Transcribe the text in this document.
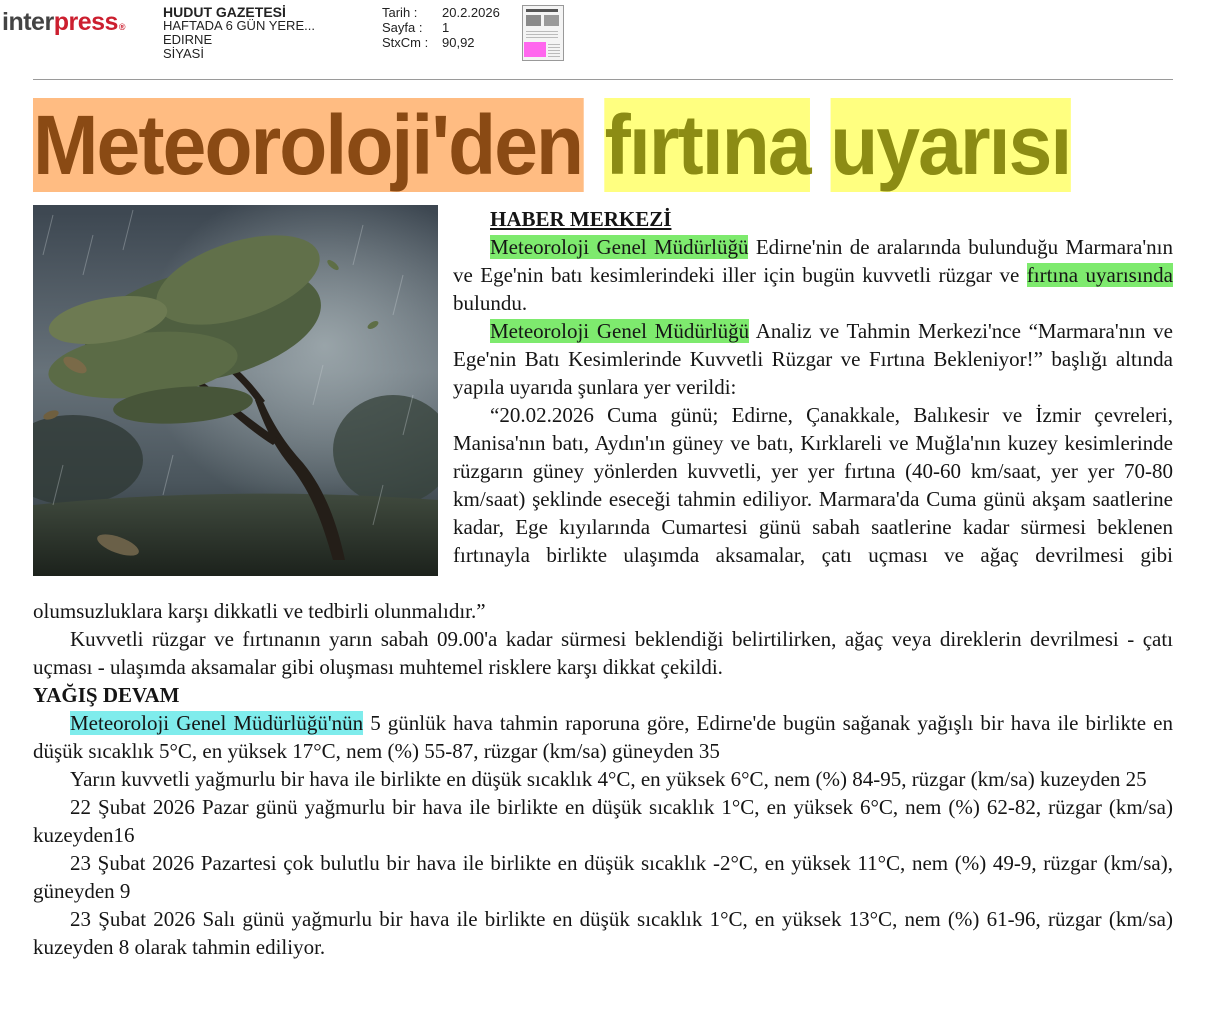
inter press ®
HUDUT GAZETESİ
HAFTADA 6 GÜN YERE...
EDIRNE
SİYASİ
Tarih :	20.2.2026
Sayfa :	1
StxCm :	90,92
Meteoroloji'den fırtına uyarısı

HABER MERKEZİ

Meteoroloji Genel Müdürlüğü Edirne'nin de aralarında bulunduğu Marmara'nın ve Ege'nin batı kesimlerindeki iller için bugün kuvvetli rüzgar ve fırtına uyarısında bulundu.

Meteoroloji Genel Müdürlüğü Analiz ve Tahmin Merkezi'nce “Marmara'nın ve Ege'nin Batı Kesimlerinde Kuvvetli Rüzgar ve Fırtına Bekleniyor!” başlığı altında yapıla uyarıda şunlara yer verildi:

“20.02.2026 Cuma günü; Edirne, Çanakkale, Balıkesir ve İzmir çevreleri, Manisa'nın batı, Aydın'ın güney ve batı, Kırklareli ve Muğla'nın kuzey kesimlerinde rüzgarın güney yönlerden kuvvetli, yer yer fırtına (40-60 km/saat, yer yer 70-80 km/saat) şeklinde eseceği tahmin ediliyor. Marmara'da Cuma günü akşam saatlerine kadar, Ege kıyılarında Cumartesi günü sabah saatlerine kadar sürmesi beklenen fırtınayla birlikte ulaşımda aksamalar, çatı uçması ve ağaç devrilmesi gibi

olumsuzluklara karşı dikkatli ve tedbirli olunmalıdır.”

Kuvvetli rüzgar ve fırtınanın yarın sabah 09.00'a kadar sürmesi beklendiği belirtilirken, ağaç veya direklerin devrilmesi - çatı uçması - ulaşımda aksamalar gibi oluşması muhtemel risklere karşı dikkat çekildi.

YAĞIŞ DEVAM

Meteoroloji Genel Müdürlüğü'nün 5 günlük hava tahmin raporuna göre, Edirne'de bugün sağanak yağışlı bir hava ile birlikte en düşük sıcaklık 5°C, en yüksek 17°C, nem (%) 55-87, rüzgar (km/sa) güneyden 35

Yarın kuvvetli yağmurlu bir hava ile birlikte en düşük sıcaklık 4°C, en yüksek 6°C, nem (%) 84-95, rüzgar (km/sa) kuzeyden 25

22 Şubat 2026 Pazar günü yağmurlu bir hava ile birlikte en düşük sıcaklık 1°C, en yüksek 6°C, nem (%) 62-82, rüzgar (km/sa) kuzeyden16

23 Şubat 2026 Pazartesi çok bulutlu bir hava ile birlikte en düşük sıcaklık -2°C, en yüksek 11°C, nem (%) 49-9, rüzgar (km/sa), güneyden 9

23 Şubat 2026 Salı günü yağmurlu bir hava ile birlikte en düşük sıcaklık 1°C, en yüksek 13°C, nem (%) 61-96, rüzgar (km/sa) kuzeyden 8 olarak tahmin ediliyor.
